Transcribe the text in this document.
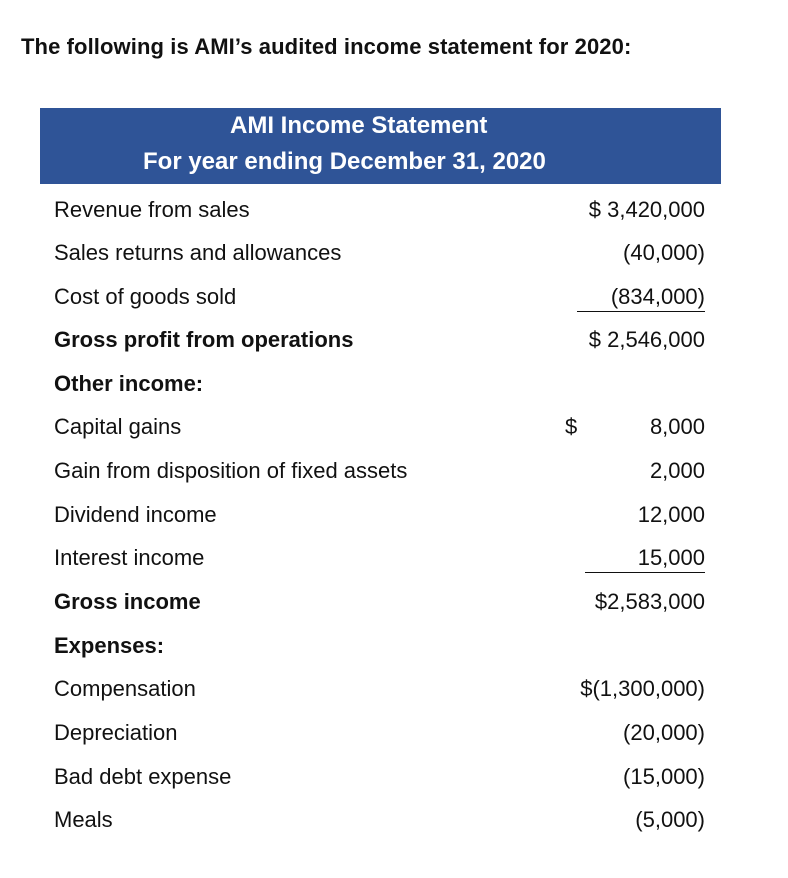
The following is AMI’s audited income statement for 2020:
AMI Income Statement
For year ending December 31, 2020
Revenue from sales	$ 3,420,000
Sales returns and allowances	(40,000)
Cost of goods sold	(834,000)
Gross profit from operations	$ 2,546,000
Other income:
Capital gains	$	8,000
Gain from disposition of fixed assets	2,000
Dividend income	12,000
Interest income	15,000
Gross income	$2,583,000
Expenses:
Compensation	$(1,300,000)
Depreciation	(20,000)
Bad debt expense	(15,000)
Meals	(5,000)
